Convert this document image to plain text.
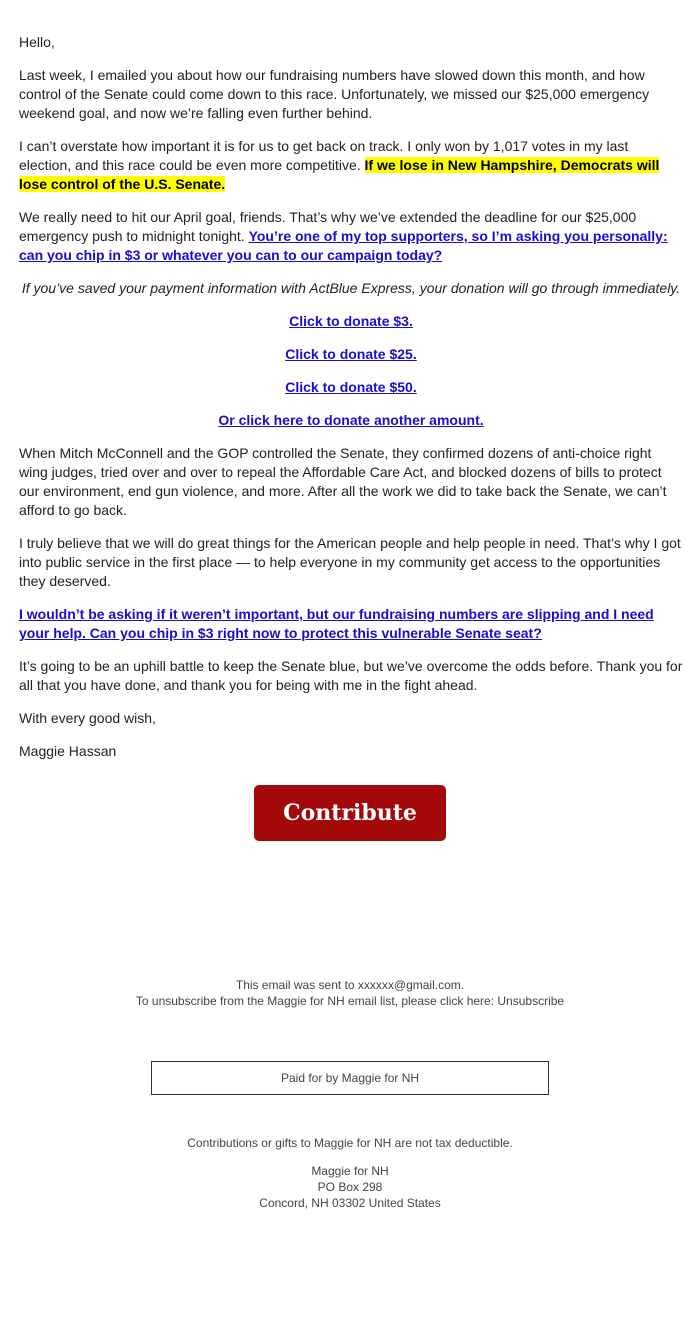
Hello,

Last week, I emailed you about how our fundraising numbers have slowed down this month, and how control of the Senate could come down to this race. Unfortunately, we missed our $25,000 emergency weekend goal, and now we’re falling even further behind.

I can’t overstate how important it is for us to get back on track. I only won by 1,017 votes in my last election, and this race could be even more competitive. If we lose in New Hampshire, Democrats will lose control of the U.S. Senate.

We really need to hit our April goal, friends. That’s why we’ve extended the deadline for our $25,000 emergency push to midnight tonight. You’re one of my top supporters, so I’m asking you personally: can you chip in $3 or whatever you can to our campaign today?

If you’ve saved your payment information with ActBlue Express, your donation will go through immediately.

Click to donate $3.

Click to donate $25.

Click to donate $50.

Or click here to donate another amount.

When Mitch McConnell and the GOP controlled the Senate, they confirmed dozens of anti-choice right wing judges, tried over and over to repeal the Affordable Care Act, and blocked dozens of bills to protect our environment, end gun violence, and more. After all the work we did to take back the Senate, we can’t afford to go back.

I truly believe that we will do great things for the American people and help people in need. That’s why I got into public service in the first place — to help everyone in my community get access to the opportunities they deserved.

I wouldn’t be asking if it weren’t important, but our fundraising numbers are slipping and I need your help. Can you chip in $3 right now to protect this vulnerable Senate seat?

It’s going to be an uphill battle to keep the Senate blue, but we’ve overcome the odds before. Thank you for all that you have done, and thank you for being with me in the fight ahead.

With every good wish,

Maggie Hassan

Contribute
This email was sent to xxxxxx@gmail.com.
To unsubscribe from the Maggie for NH email list, please click here: Unsubscribe
Paid for by Maggie for NH
Contributions or gifts to Maggie for NH are not tax deductible.
Maggie for NH
PO Box 298
Concord, NH 03302 United States
